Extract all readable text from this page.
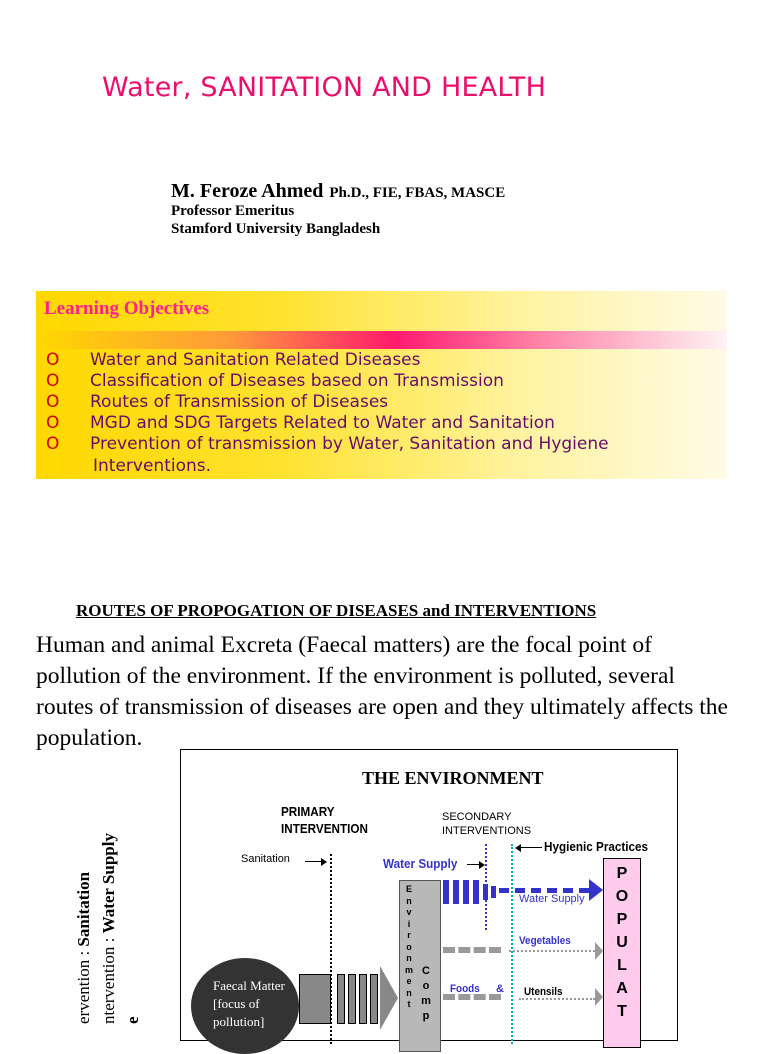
Water, SANITATION AND HEALTH
M. Feroze Ahmed Ph.D., FIE, FBAS, MASCE
Professor Emeritus
Stamford University Bangladesh
Learning Objectives
O Water and Sanitation Related Diseases
O Classification of Diseases based on Transmission
O Routes of Transmission of Diseases
O MGD and SDG Targets Related to Water and Sanitation
O Prevention of transmission by Water, Sanitation and Hygiene
Interventions.
ROUTES OF PROPOGATION OF DISEASES and INTERVENTIONS
Human and animal Excreta (Faecal matters) are the focal point of pollution of the environment. If the environment is polluted, several routes of transmission of diseases are open and they ultimately affects the population.
ervention : Sanitation
ntervention : Water Supply
e
THE ENVIRONMENT
PRIMARY
INTERVENTION
SECONDARY
INTERVENTIONS
Hygienic Practices
Sanitation	Water Supply
E
n
v
i
r
o
n
m
e
n
t
C
o
m
p
Water Supply
Vegetables
Foods & Utensils
P
O
P
U
L
A
T
Faecal Matter
[focus of
pollution]
